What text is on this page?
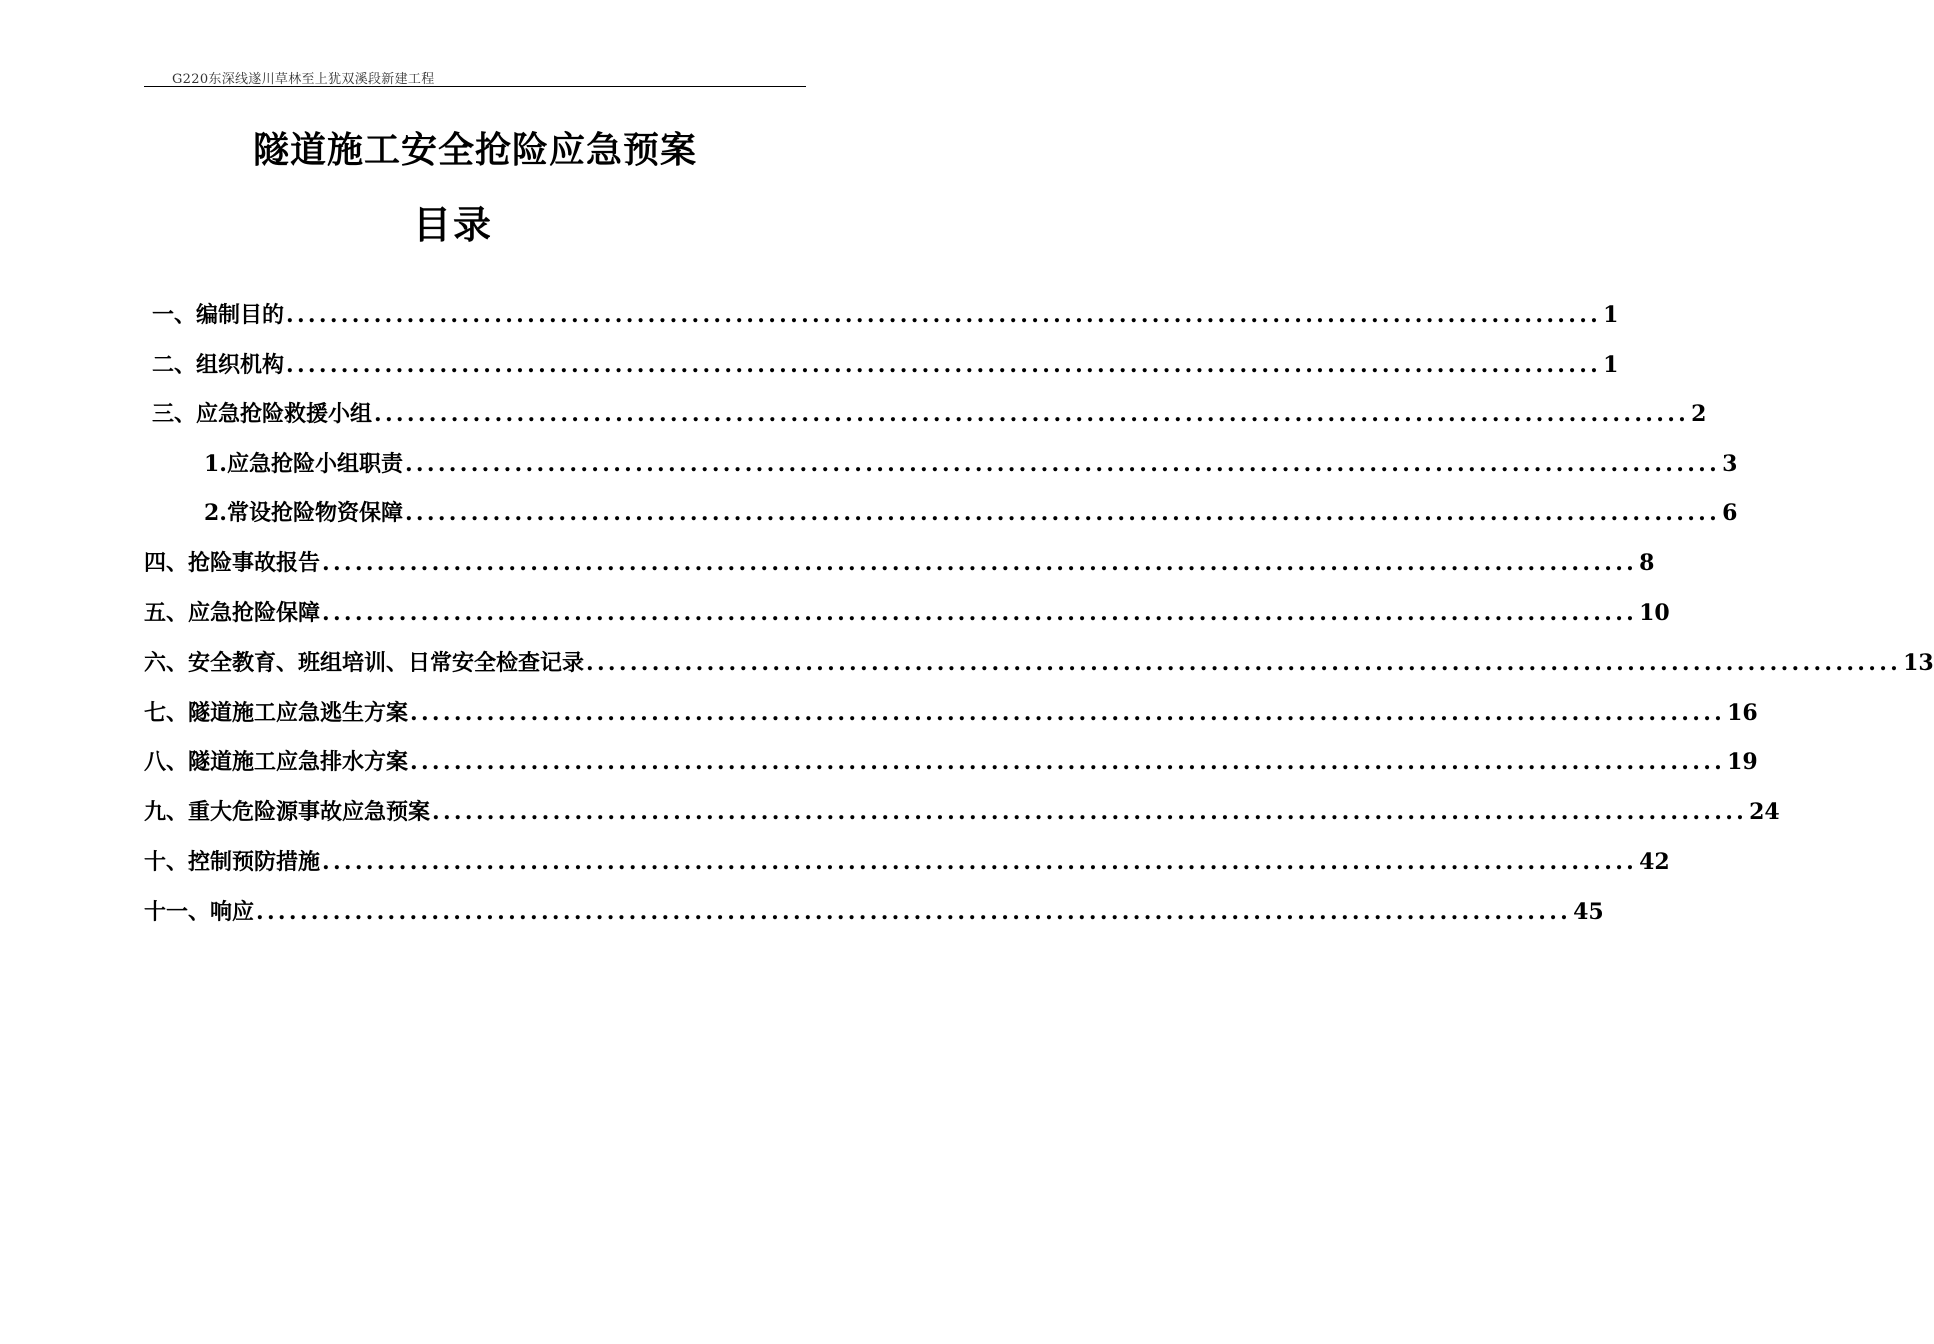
G220东深线遂川草林至上犹双溪段新建工程
隧道施工安全抢险应急预案
目录
一、编制目的 ........................................................................................................................ 1
二、组织机构 ........................................................................................................................ 1
三、应急抢险救援小组 ........................................................................................................................ 2
1.应急抢险小组职责 ........................................................................................................................ 3
2.常设抢险物资保障 ........................................................................................................................ 6
四、抢险事故报告 ........................................................................................................................ 8
五、应急抢险保障 ........................................................................................................................ 10
六、安全教育、班组培训、日常安全检查记录 ........................................................................................................................ 13
七、隧道施工应急逃生方案 ........................................................................................................................ 16
八、隧道施工应急排水方案 ........................................................................................................................ 19
九、重大危险源事故应急预案 ........................................................................................................................ 24
十、控制预防措施 ........................................................................................................................ 42
十一、响应 ........................................................................................................................ 45
